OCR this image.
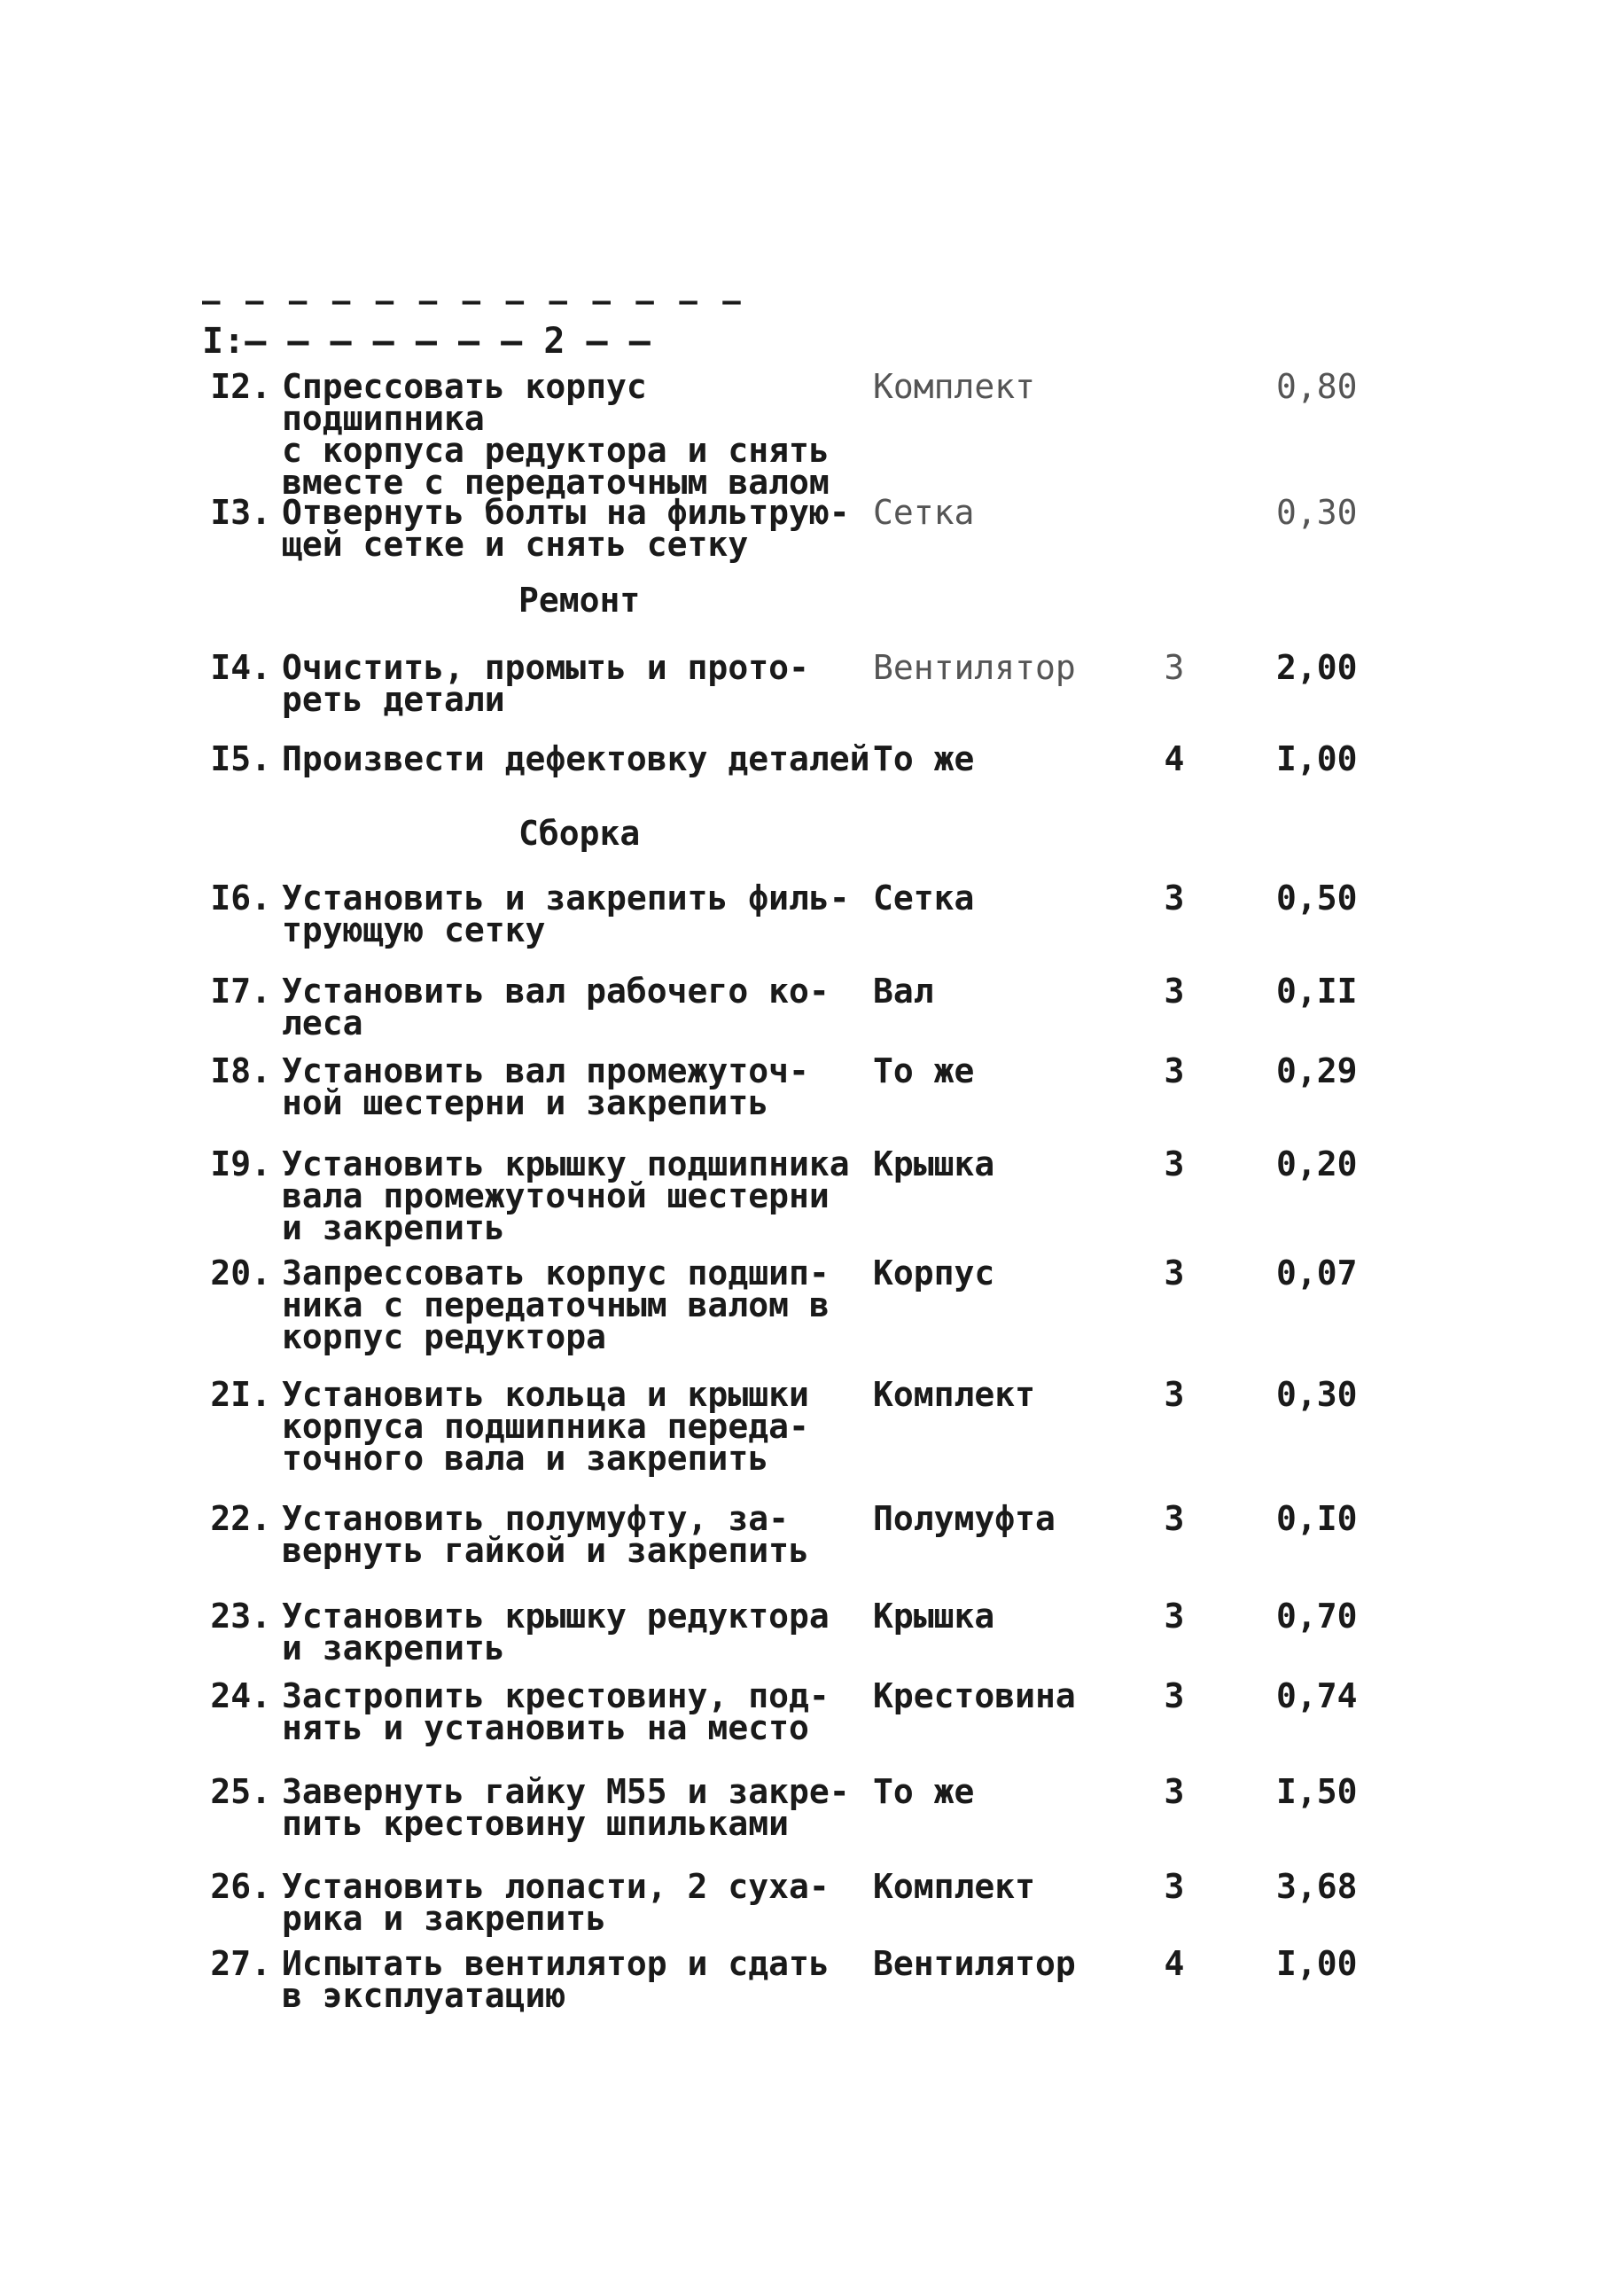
— — — — — — — — — — — — —
I:— — — — — — — 2 — —
I2. Спрессовать корпус подшипника
с корпуса редуктора и снять
вместе с передаточным валом
Комплект	0,80
I3. Отвернуть болты на фильтрую-
щей сетке и снять сетку
Сетка	0,30
Ремонт
I4. Очистить, промыть и прото-
реть детали
Вентилятор	3	2,00
I5. Произвести дефектовку деталей То же	4	I,00
Сборка
I6. Установить и закрепить филь-
трующую сетку
Сетка	3	0,50
I7. Установить вал рабочего ко-
леса
Вал	3	0,II
I8. Установить вал промежуточ-
ной шестерни и закрепить
То же	3	0,29
I9. Установить крышку подшипника
вала промежуточной шестерни
и закрепить
Крышка	3	0,20
20. Запрессовать корпус подшип-
ника с передаточным валом в
корпус редуктора
Корпус	3	0,07
2I. Установить кольца и крышки
корпуса подшипника переда-
точного вала и закрепить
Комплект	3	0,30
22. Установить полумуфту, за-
вернуть гайкой и закрепить
Полумуфта	3	0,I0
23. Установить крышку редуктора
и закрепить
Крышка	3	0,70
24. Застропить крестовину, под-
нять и установить на место
Крестовина	3	0,74
25. Завернуть гайку М55 и закре-
пить крестовину шпильками
То же	3	I,50
26. Установить лопасти, 2 суха-
рика и закрепить
Комплект	3	3,68
27. Испытать вентилятор и сдать
в эксплуатацию
Вентилятор	4	I,00
